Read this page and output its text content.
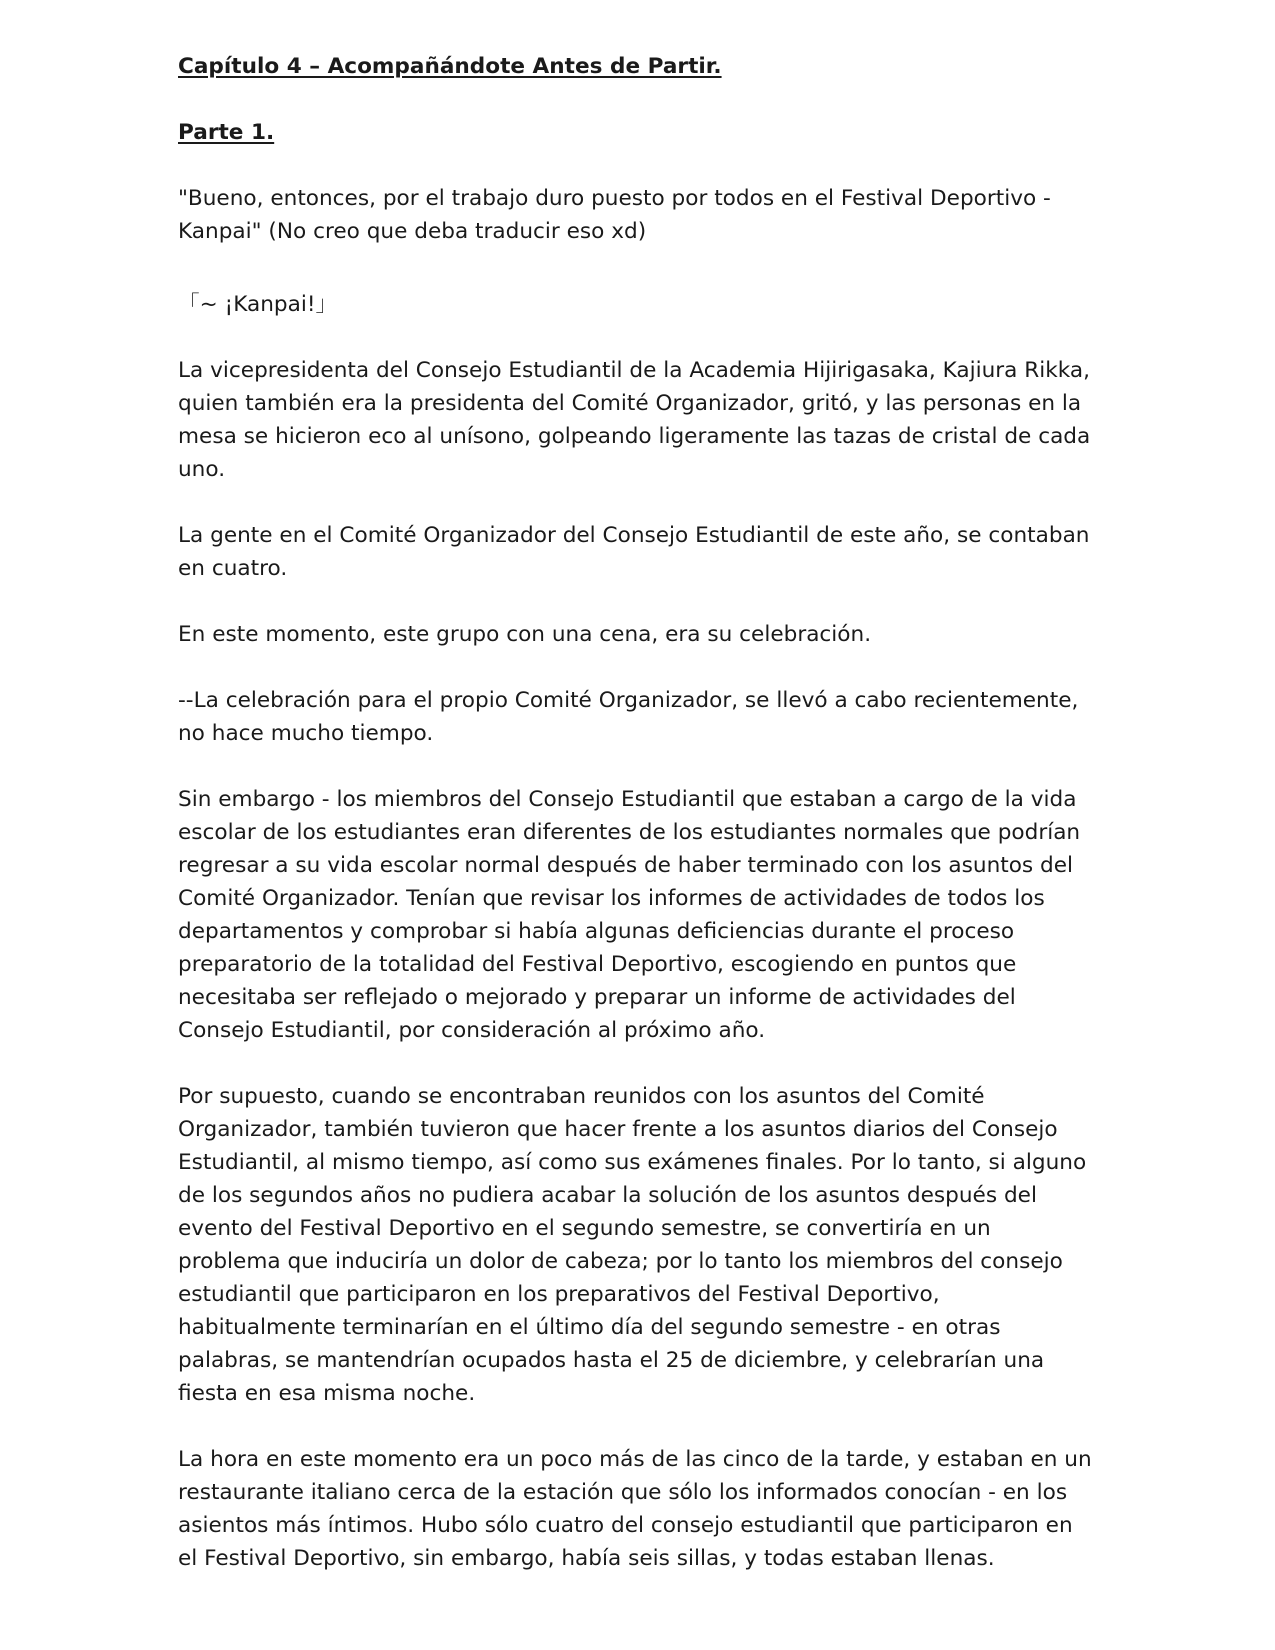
Capítulo 4 – Acompañándote Antes de Partir.
Parte 1.

"Bueno, entonces, por el trabajo duro puesto por todos en el Festival Deportivo - Kanpai" (No creo que deba traducir eso xd)

「~ ¡Kanpai!」

La vicepresidenta del Consejo Estudiantil de la Academia Hijirigasaka, Kajiura Rikka, quien también era la presidenta del Comité Organizador, gritó, y las personas en la mesa se hicieron eco al unísono, golpeando ligeramente las tazas de cristal de cada uno.

La gente en el Comité Organizador del Consejo Estudiantil de este año, se contaban en cuatro.

En este momento, este grupo con una cena, era su celebración.

--La celebración para el propio Comité Organizador, se llevó a cabo recientemente, no hace mucho tiempo.

Sin embargo - los miembros del Consejo Estudiantil que estaban a cargo de la vida escolar de los estudiantes eran diferentes de los estudiantes normales que podrían regresar a su vida escolar normal después de haber terminado con los asuntos del Comité Organizador. Tenían que revisar los informes de actividades de todos los departamentos y comprobar si había algunas deficiencias durante el proceso preparatorio de la totalidad del Festival Deportivo, escogiendo en puntos que necesitaba ser reflejado o mejorado y preparar un informe de actividades del Consejo Estudiantil, por consideración al próximo año.

Por supuesto, cuando se encontraban reunidos con los asuntos del Comité Organizador, también tuvieron que hacer frente a los asuntos diarios del Consejo Estudiantil, al mismo tiempo, así como sus exámenes finales. Por lo tanto, si alguno de los segundos años no pudiera acabar la solución de los asuntos después del evento del Festival Deportivo en el segundo semestre, se convertiría en un problema que induciría un dolor de cabeza; por lo tanto los miembros del consejo estudiantil que participaron en los preparativos del Festival Deportivo, habitualmente terminarían en el último día del segundo semestre - en otras palabras, se mantendrían ocupados hasta el 25 de diciembre, y celebrarían una fiesta en esa misma noche.

La hora en este momento era un poco más de las cinco de la tarde, y estaban en un restaurante italiano cerca de la estación que sólo los informados conocían - en los asientos más íntimos. Hubo sólo cuatro del consejo estudiantil que participaron en el Festival Deportivo, sin embargo, había seis sillas, y todas estaban llenas.
